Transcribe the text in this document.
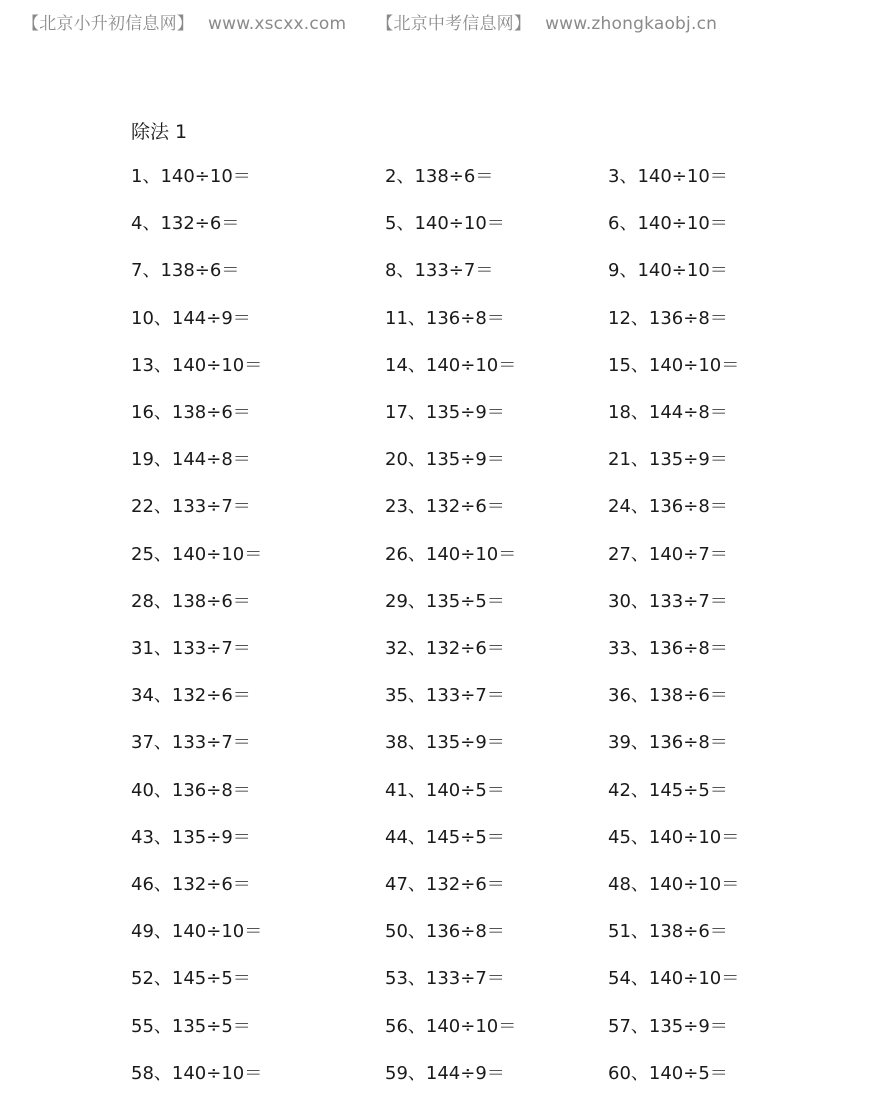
【北京小升初信息网】 www.xscxx.com 【北京中考信息网】 www.zhongkaobj.cn
除法 1
1、140÷10＝	2、138÷6＝	3、140÷10＝
4、132÷6＝	5、140÷10＝	6、140÷10＝
7、138÷6＝	8、133÷7＝	9、140÷10＝
10、144÷9＝	11、136÷8＝	12、136÷8＝
13、140÷10＝	14、140÷10＝	15、140÷10＝
16、138÷6＝	17、135÷9＝	18、144÷8＝
19、144÷8＝	20、135÷9＝	21、135÷9＝
22、133÷7＝	23、132÷6＝	24、136÷8＝
25、140÷10＝	26、140÷10＝	27、140÷7＝
28、138÷6＝	29、135÷5＝	30、133÷7＝
31、133÷7＝	32、132÷6＝	33、136÷8＝
34、132÷6＝	35、133÷7＝	36、138÷6＝
37、133÷7＝	38、135÷9＝	39、136÷8＝
40、136÷8＝	41、140÷5＝	42、145÷5＝
43、135÷9＝	44、145÷5＝	45、140÷10＝
46、132÷6＝	47、132÷6＝	48、140÷10＝
49、140÷10＝	50、136÷8＝	51、138÷6＝
52、145÷5＝	53、133÷7＝	54、140÷10＝
55、135÷5＝	56、140÷10＝	57、135÷9＝
58、140÷10＝	59、144÷9＝	60、140÷5＝
